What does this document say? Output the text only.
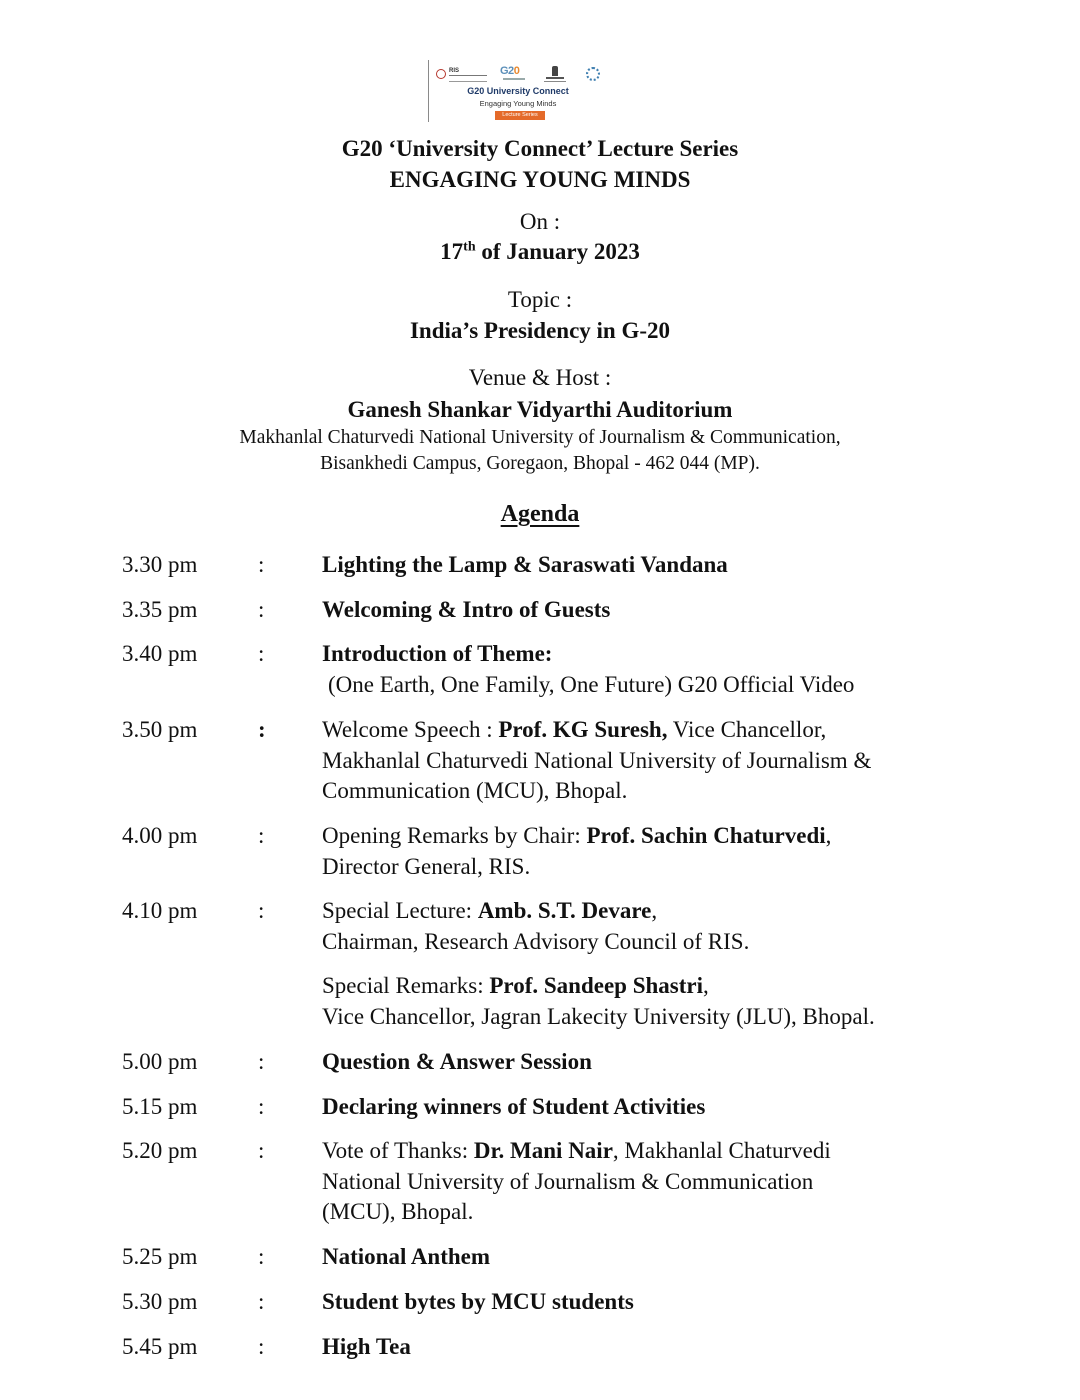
RIS	G20
G20 University Connect
Engaging Young Minds
Lecture Series
G20 ‘University Connect’ Lecture Series
ENGAGING YOUNG MINDS
On :
17th of January 2023
Topic :
India’s Presidency in G-20
Venue & Host :
Ganesh Shankar Vidyarthi Auditorium
Makhanlal Chaturvedi National University of Journalism & Communication,
Bisankhedi Campus, Goregaon, Bhopal - 462 044 (MP).
Agenda
3.30 pm	:	Lighting the Lamp & Saraswati Vandana
3.35 pm	:	Welcoming & Intro of Guests
3.40 pm	:	Introduction of Theme:
(One Earth, One Family, One Future) G20 Official Video
3.50 pm	: Welcome Speech : Prof. KG Suresh, Vice Chancellor,
Makhanlal Chaturvedi National University of Journalism &
Communication (MCU), Bhopal.
4.00 pm	:	Opening Remarks by Chair: Prof. Sachin Chaturvedi,
Director General, RIS.
4.10 pm	:	Special Lecture: Amb. S.T. Devare,
Chairman, Research Advisory Council of RIS.
Special Remarks: Prof. Sandeep Shastri,
Vice Chancellor, Jagran Lakecity University (JLU), Bhopal.
5.00 pm	:	Question & Answer Session
5.15 pm	:	Declaring winners of Student Activities
5.20 pm	:	Vote of Thanks: Dr. Mani Nair, Makhanlal Chaturvedi
National University of Journalism & Communication
(MCU), Bhopal.
5.25 pm	:	National Anthem
5.30 pm	:	Student bytes by MCU students
5.45 pm	:	High Tea
